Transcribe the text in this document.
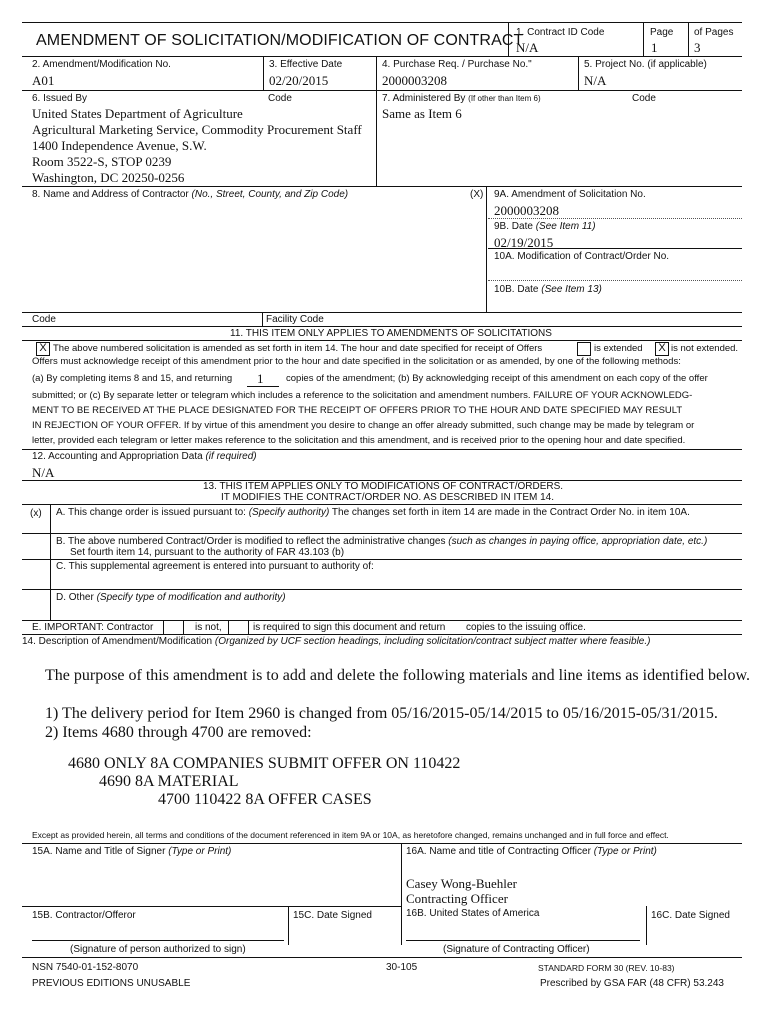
AMENDMENT OF SOLICITATION/MODIFICATION OF CONTRACT
1. Contract ID Code
N/A
Page
1
of Pages
3
2. Amendment/Modification No.
A01
3. Effective Date
02/20/2015
4. Purchase Req. / Purchase No."
2000003208
5. Project No. (if applicable)
N/A
6. Issued By	Code
United States Department of Agriculture
Agricultural Marketing Service, Commodity Procurement Staff
1400 Independence Avenue, S.W.
Room 3522-S, STOP 0239
Washington, DC 20250-0256
7. Administered By (If other than Item 6)	Code
Same as Item 6
8. Name and Address of Contractor (No., Street, County, and Zip Code)	(X) 9A. Amendment of Solicitation No.
2000003208
9B. Date (See Item 11)
02/19/2015
10A. Modification of Contract/Order No.
10B. Date (See Item 13)
Code	Facility Code
11. THIS ITEM ONLY APPLIES TO AMENDMENTS OF SOLICITATIONS
X The above numbered solicitation is amended as set forth in item 14. The hour and date specified for receipt of Offers	is extended	X is not extended.
Offers must acknowledge receipt of this amendment prior to the hour and date specified in the solicitation or as amended, by one of the following methods:
(a) By completing items 8 and 15, and returning 1 copies of the amendment; (b) By acknowledging receipt of this amendment on each copy of the offer
submitted; or (c) By separate letter or telegram which includes a reference to the solicitation and amendment numbers. FAILURE OF YOUR ACKNOWLEDG-
MENT TO BE RECEIVED AT THE PLACE DESIGNATED FOR THE RECEIPT OF OFFERS PRIOR TO THE HOUR AND DATE SPECIFIED MAY RESULT
IN REJECTION OF YOUR OFFER. If by virtue of this amendment you desire to change an offer already submitted, such change may be made by telegram or
letter, provided each telegram or letter makes reference to the solicitation and this amendment, and is received prior to the opening hour and date specified.
12. Accounting and Appropriation Data (if required)
N/A
13. THIS ITEM APPLIES ONLY TO MODIFICATIONS OF CONTRACT/ORDERS.
IT MODIFIES THE CONTRACT/ORDER NO. AS DESCRIBED IN ITEM 14.
(x) A. This change order is issued pursuant to: (Specify authority) The changes set forth in item 14 are made in the Contract Order No. in item 10A.
B. The above numbered Contract/Order is modified to reflect the administrative changes (such as changes in paying office, appropriation date, etc.)
Set fourth item 14, pursuant to the authority of FAR 43.103 (b)
C. This supplemental agreement is entered into pursuant to authority of:
D. Other (Specify type of modification and authority)
E. IMPORTANT: Contractor	is not,	is required to sign this document and return copies to the issuing office.
14. Description of Amendment/Modification (Organized by UCF section headings, including solicitation/contract subject matter where feasible.)
The purpose of this amendment is to add and delete the following materials and line items as identified below.
1) The delivery period for Item 2960 is changed from 05/16/2015-05/14/2015 to 05/16/2015-05/31/2015.
2) Items 4680 through 4700 are removed:
4680 ONLY 8A COMPANIES SUBMIT OFFER ON 110422
4690 8A MATERIAL
4700 110422 8A OFFER CASES
Except as provided herein, all terms and conditions of the document referenced in item 9A or 10A, as heretofore changed, remains unchanged and in full force and effect.
15A. Name and Title of Signer (Type or Print)	16A. Name and title of Contracting Officer (Type or Print)
Casey Wong-Buehler
Contracting Officer
15B. Contractor/Offeror	15C. Date Signed	16B. United States of America	16C. Date Signed
(Signature of person authorized to sign)	(Signature of Contracting Officer)
NSN 7540-01-152-8070	30-105	STANDARD FORM 30 (REV. 10-83)
PREVIOUS EDITIONS UNUSABLE	Prescribed by GSA FAR (48 CFR) 53.243
